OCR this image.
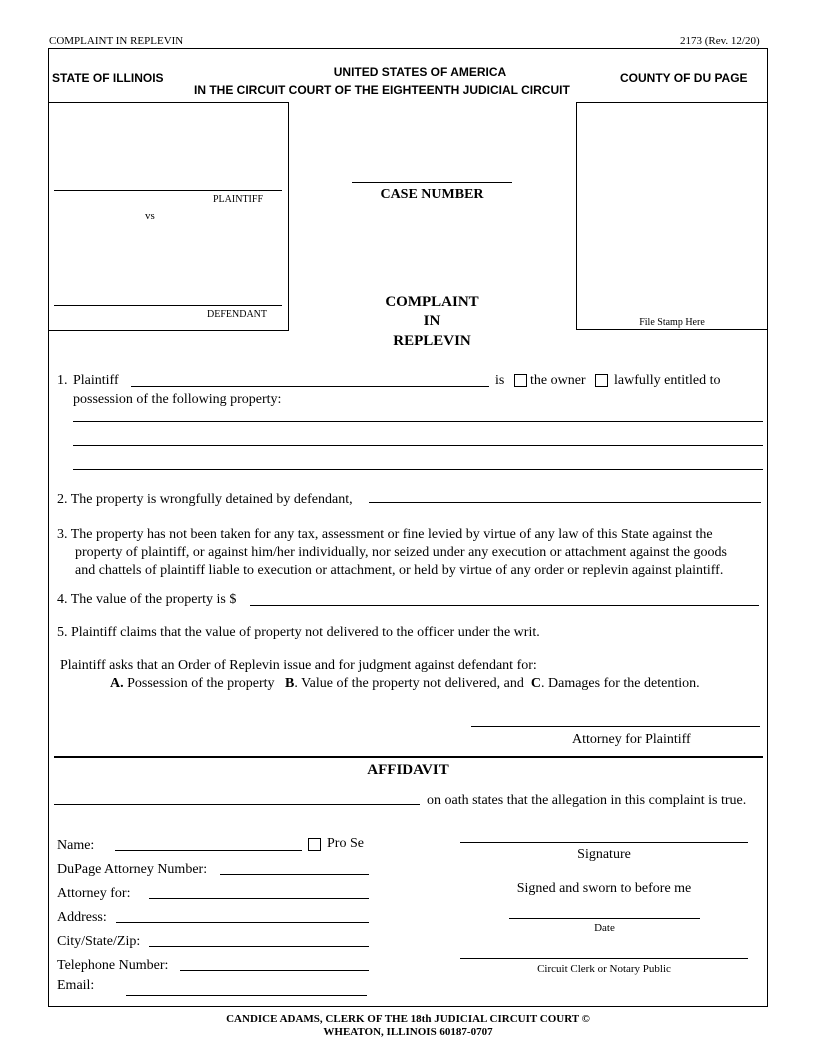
COMPLAINT IN REPLEVIN	2173 (Rev. 12/20)
STATE OF ILLINOIS	UNITED STATES OF AMERICA
IN THE CIRCUIT COURT OF THE EIGHTEENTH JUDICIAL CIRCUIT
COUNTY OF DU PAGE
PLAINTIFF
vs
DEFENDANT
CASE NUMBER
COMPLAINT
IN
REPLEVIN
File Stamp Here
1. Plaintiff	is the owner lawfully entitled to
possession of the following property:
2. The property is wrongfully detained by defendant,
3. The property has not been taken for any tax, assessment or fine levied by virtue of any law of this State against the
property of plaintiff, or against him/her individually, nor seized under any execution or attachment against the goods
and chattels of plaintiff liable to execution or attachment, or held by virtue of any order or replevin against plaintiff.
4. The value of the property is $
5. Plaintiff claims that the value of property not delivered to the officer under the writ.
Plaintiff asks that an Order of Replevin issue and for judgment against defendant for:
A. Possession of the property B. Value of the property not delivered, and C. Damages for the detention.
Attorney for Plaintiff
AFFIDAVIT
on oath states that the allegation in this complaint is true.
Name:	Pro Se
DuPage Attorney Number:
Attorney for:
Address:
City/State/Zip:
Telephone Number:
Email:
Signature
Signed and sworn to before me
Date
Circuit Clerk or Notary Public
CANDICE ADAMS, CLERK OF THE 18th JUDICIAL CIRCUIT COURT ©
WHEATON, ILLINOIS 60187-0707
